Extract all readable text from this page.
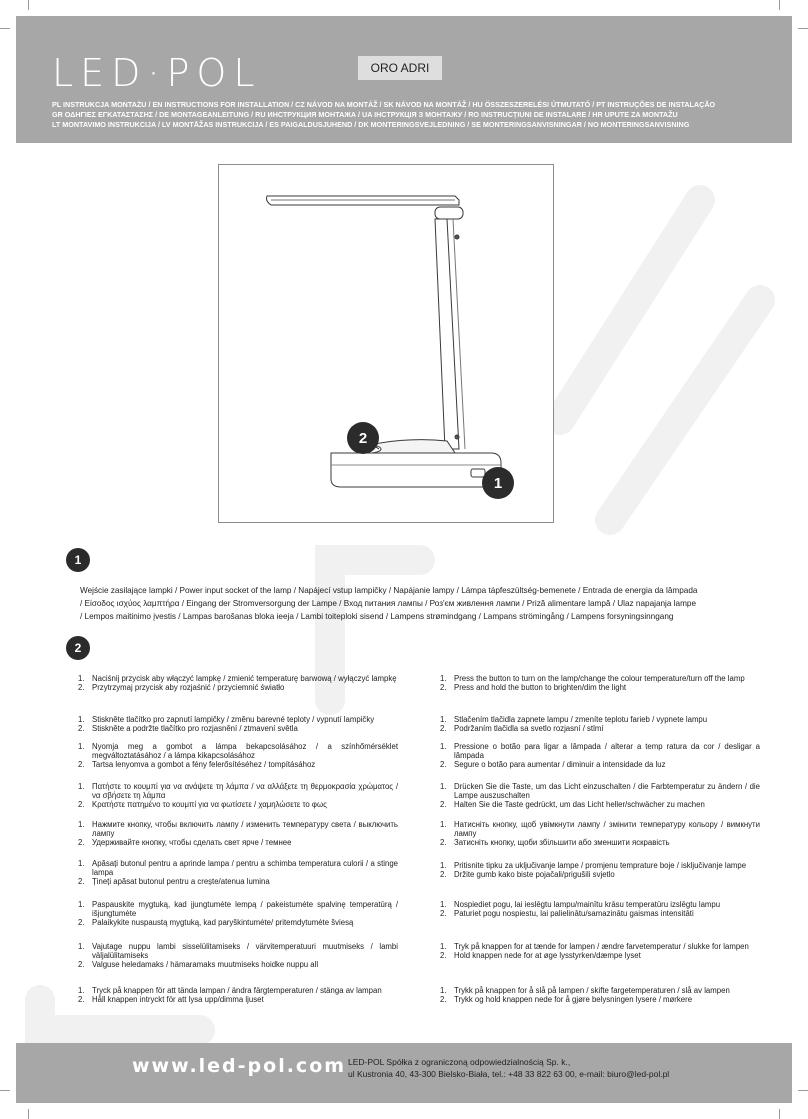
LED·POL	ORO ADRI
PL INSTRUKCJA MONTAŻU / EN INSTRUCTIONS FOR INSTALLATION / CZ NÁVOD NA MONTÁŽ / SK NÁVOD NA MONTÁŽ / HU ÖSSZESZERELÉSI ÚTMUTATÓ / PT INSTRUÇÕES DE INSTALAÇÃO
GR ΟΔΗΓΙΕΣ ΕΓΚΑΤΑΣΤΑΣΗΣ / DE MONTAGEANLEITUNG / RU ИНСТРУКЦИЯ МОНТАЖА / UA ІНСТРУКЦІЯ З МОНТАЖУ / RO INSTRUCȚIUNI DE INSTALARE / HR UPUTE ZA MONTAŽU
LT MONTAVIMO INSTRUKCIJA / LV MONTĀŽAS INSTRUKCIJA / ES PAIGALDUSJUHEND / DK MONTERINGSVEJLEDNING / SE MONTERINGSANVISNINGAR / NO MONTERINGSANVISNING
2
1
1
Wejście zasilające lampki / Power input socket of the lamp / Napájecí vstup lampičky / Napájanie lampy / Lámpa tápfeszültség-bemenete / Entrada de energia da lâmpada
/ Είσοδος ισχύος λαμπτήρα / Eingang der Stromversorgung der Lampe / Вход питания лампы / Роз'єм живлення лампи / Priză alimentare lampă / Ulaz napajanja lampe
/ Lempos maitinimo įvestis / Lampas barošanas bloka ieeja / Lambi toiteploki sisend / Lampens strømindgang / Lampans strömingång / Lampens forsyningsinngang
2
1. Naciśnij przycisk aby włączyć lampkę / zmienić temperaturę barwową / wyłączyć lampkę
2. Przytrzymaj przycisk aby rozjaśnić / przyciemnić światło
1. Stiskněte tlačítko pro zapnutí lampičky / změnu barevné teploty / vypnutí lampičky
2. Stiskněte a podržte tlačítko pro rozjasnění / ztmavení světla
1. Nyomja meg a gombot a lámpa bekapcsolásához / a színhőmérséklet megváltoztatásához / a lámpa kikapcsolásához
2. Tartsa lenyomva a gombot a fény felerősítéséhez / tompításához
1. Πατήστε το κουμπί για να ανάψετε τη λάμπα / να αλλάξετε τη θερμοκρασία χρώματος / να σβήσετε τη λάμπα
2. Κρατήστε πατημένο το κουμπί για να φωτίσετε / χαμηλώσετε το φως
1. Нажмите кнопку, чтобы включить лампу / изменить температуру света / выключить лампу
2. Удерживайте кнопку, чтобы сделать свет ярче / темнее
1. Apăsați butonul pentru a aprinde lampa / pentru a schimba temperatura culorii / a stinge lampa
2. Țineți apăsat butonul pentru a crește/atenua lumina
1. Paspauskite mygtuką, kad įjungtumėte lempą / pakeistumėte spalvinę temperatūrą / išjungtumėte
2. Palaikykite nuspaustą mygtuką, kad paryškintumėte/ pritemdytumėte šviesą
1. Vajutage nuppu lambi sisselülitamiseks / värvitemperatuuri muutmiseks / lambi väljalülitamiseks
2. Valguse heledamaks / hämaramaks muutmiseks hoidke nuppu all
1. Tryck på knappen för att tända lampan / ändra färgtemperaturen / stänga av lampan
2. Håll knappen intryckt för att lysa upp/dimma ljuset
1. Press the button to turn on the lamp/change the colour temperature/turn off the lamp
2. Press and hold the button to brighten/dim the light
1. Stlačením tlačidla zapnete lampu / zmeníte teplotu farieb / vypnete lampu
2. Podržaním tlačidla sa svetlo rozjasní / stlmí
1. Pressione o botão para ligar a lâmpada / alterar a temp ratura da cor / desligar a lâmpada
2. Segure o botão para aumentar / diminuir a intensidade da luz
1. Drücken Sie die Taste, um das Licht einzuschalten / die Farbtemperatur zu ändern / die Lampe auszuschalten
2. Halten Sie die Taste gedrückt, um das Licht heller/schwächer zu machen
1. Натисніть кнопку, щоб увімкнути лампу / змінити температуру кольору / вимкнути лампу
2. Затисніть кнопку, щоби збільшити або зменшити яскравість
1. Pritisnite tipku za uključivanje lampe / promjenu temprature boje / isključivanje lampe
2. Držite gumb kako biste pojačali/prigušili svjetlo
1. Nospiediet pogu, lai ieslēgtu lampu/mainītu krāsu temperatūru izslēgtu lampu
2. Paturiet pogu nospiestu, lai palielinātu/samazinātu gaismas intensitāti
1. Tryk på knappen for at tænde for lampen / ændre farvetemperatur / slukke for lampen
2. Hold knappen nede for at øge lysstyrken/dæmpe lyset
1. Trykk på knappen for å slå på lampen / skifte fargetemperaturen / slå av lampen
2. Trykk og hold knappen nede for å gjøre belysningen lysere / mørkere
www.led-pol.com LED-POL Spółka z ograniczoną odpowiedzialnością Sp. k.,
ul Kustronia 40, 43-300 Bielsko-Biała, tel.: +48 33 822 63 00, e-mail: biuro@led-pol.pl
